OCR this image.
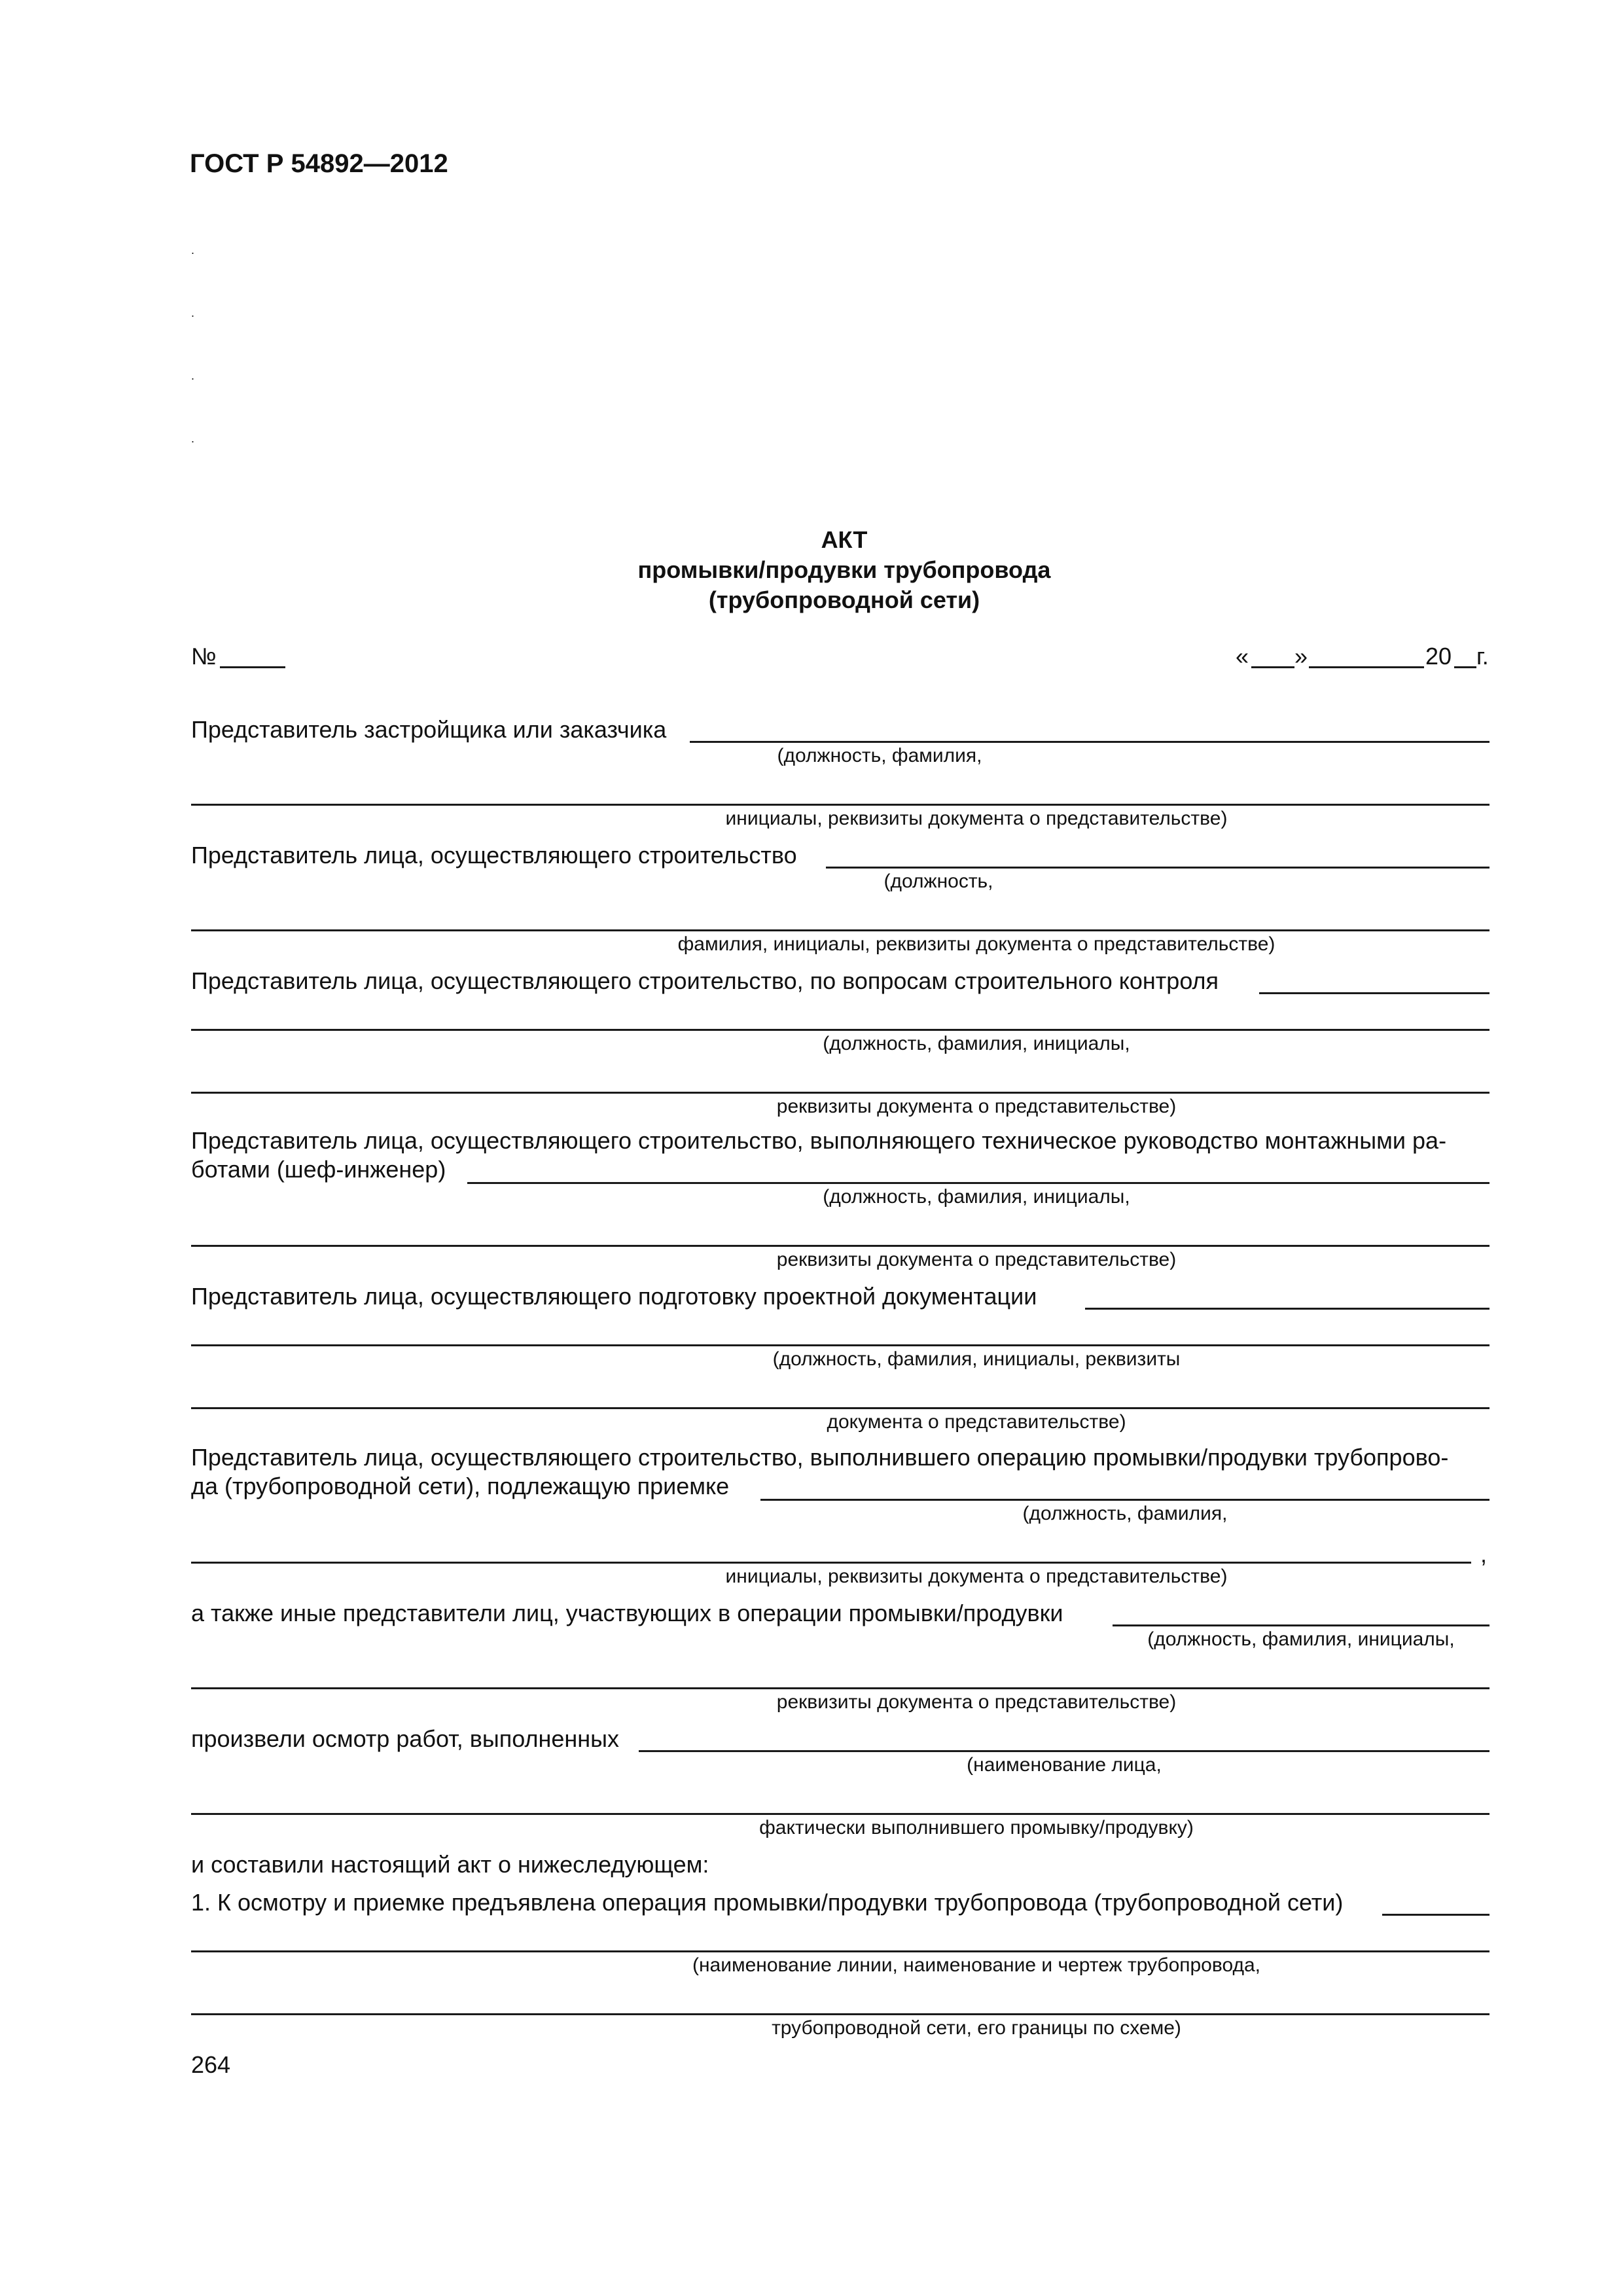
ГОСТ Р 54892—2012
.
.
.
.
АКТ
промывки/продувки трубопровода
(трубопроводной сети)
№	« »	20 г.
Представитель застройщика или заказчика
(должность, фамилия,
инициалы, реквизиты документа о представительстве)
Представитель лица, осуществляющего строительство
(должность,
фамилия, инициалы, реквизиты документа о представительстве)
Представитель лица, осуществляющего строительство, по вопросам строительного контроля
(должность, фамилия, инициалы,
реквизиты документа о представительстве)
Представитель лица, осуществляющего строительство, выполняющего техническое руководство монтажными ра-
ботами (шеф-инженер)
(должность, фамилия, инициалы,
реквизиты документа о представительстве)
Представитель лица, осуществляющего подготовку проектной документации
(должность, фамилия, инициалы, реквизиты
документа о представительстве)
Представитель лица, осуществляющего строительство, выполнившего операцию промывки/продувки трубопрово-
да (трубопроводной сети), подлежащую приемке
(должность, фамилия,
,
инициалы, реквизиты документа о представительстве)
а также иные представители лиц, участвующих в операции промывки/продувки
(должность, фамилия, инициалы,
реквизиты документа о представительстве)
произвели осмотр работ, выполненных
(наименование лица,
фактически выполнившего промывку/продувку)
и составили настоящий акт о нижеследующем:
1. К осмотру и приемке предъявлена операция промывки/продувки трубопровода (трубопроводной сети)
(наименование линии, наименование и чертеж трубопровода,
трубопроводной сети, его границы по схеме)
264
